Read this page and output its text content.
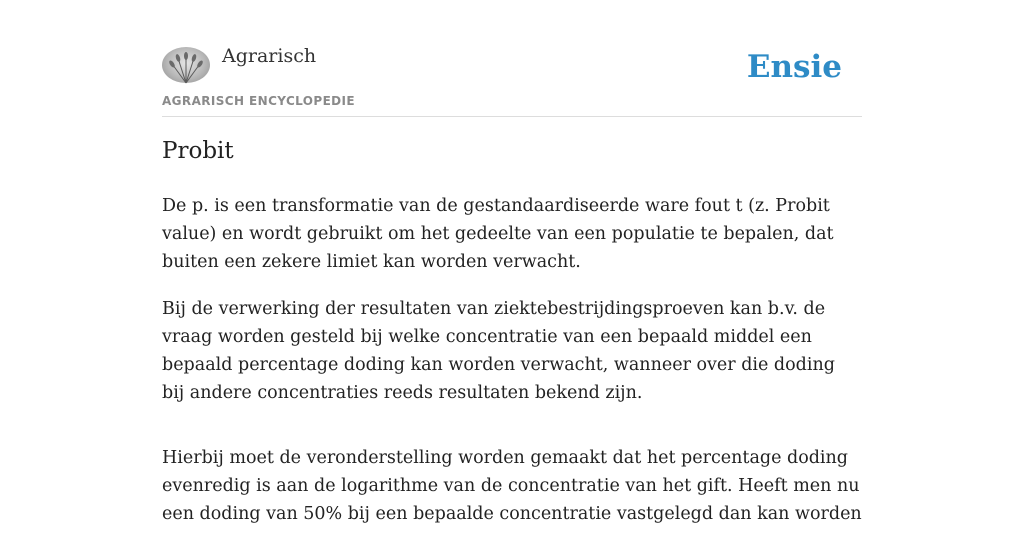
Agrarisch
AGRARISCH ENCYCLOPEDIE
Ensie
Probit

De p. is een transformatie van de gestandaardiseerde ware fout t (z. Probit value) en wordt gebruikt om het gedeelte van een populatie te bepalen, dat buiten een zekere limiet kan worden verwacht.

Bij de verwerking der resultaten van ziektebestrijdingsproeven kan b.v. de vraag worden gesteld bij welke concentratie van een bepaald middel een bepaald percentage doding kan worden verwacht, wanneer over die doding bij andere concentraties reeds resultaten bekend zijn.

Hierbij moet de veronderstelling worden gemaakt dat het percentage doding evenredig is aan de logarithme van de concentratie van het gift. Heeft men nu een doding van 50% bij een bepaalde concentratie vastgelegd dan kan worden
